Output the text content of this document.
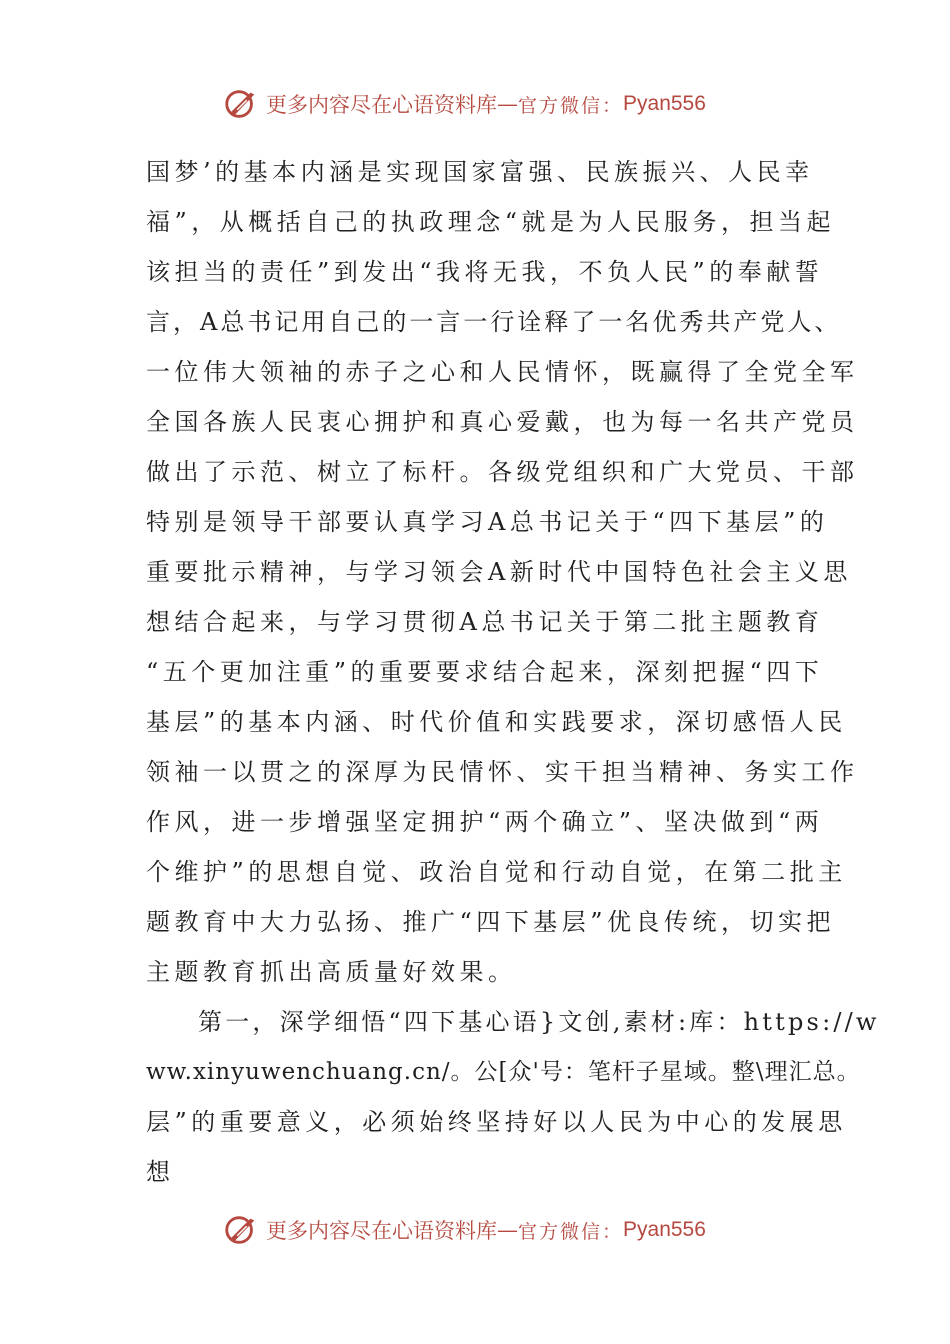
更多内容尽在心语资料库 — 官方微信： Pyan556
国梦’的基本内涵是实现国家富强、民族振兴、人民幸
福”，从概括自己的执政理念“就是为人民服务，担当起
该担当的责任”到发出“我将无我，不负人民”的奉献誓
言，A总书记用自己的一言一行诠释了一名优秀共产党人、
一位伟大领袖的赤子之心和人民情怀，既赢得了全党全军
全国各族人民衷心拥护和真心爱戴，也为每一名共产党员
做出了示范、树立了标杆。各级党组织和广大党员、干部
特别是领导干部要认真学习A总书记关于“四下基层”的
重要批示精神，与学习领会A新时代中国特色社会主义思
想结合起来，与学习贯彻A总书记关于第二批主题教育
“五个更加注重”的重要要求结合起来，深刻把握“四下
基层”的基本内涵、时代价值和实践要求，深切感悟人民
领袖一以贯之的深厚为民情怀、实干担当精神、务实工作
作风，进一步增强坚定拥护“两个确立”、坚决做到“两
个维护”的思想自觉、政治自觉和行动自觉，在第二批主
题教育中大力弘扬、推广“四下基层”优良传统，切实把
主题教育抓出高质量好效果。
第一，深学细悟“四下基心语}文创,素材:库：https://w
ww.xinyuwenchuang.cn/。公[众'号：笔杆子星域。整\理汇总。
层”的重要意义，必须始终坚持好以人民为中心的发展思
想
更多内容尽在心语资料库 — 官方微信： Pyan556
